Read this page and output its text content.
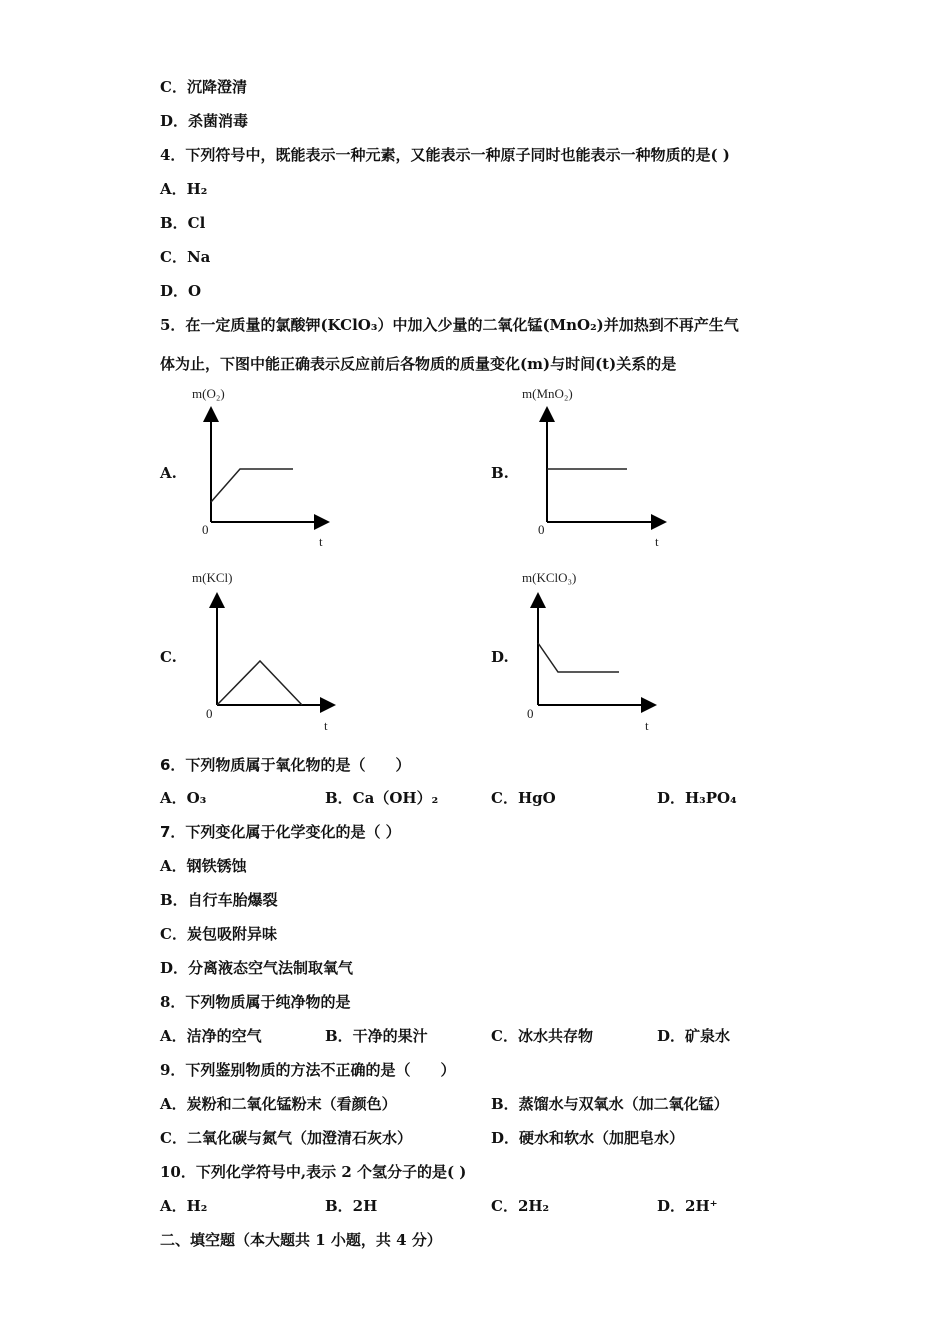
C．沉降澄清
D．杀菌消毒
4．下列符号中，既能表示一种元素，又能表示一种原子同时也能表示一种物质的是( )
A．H₂
B．Cl
C．Na
D．O
5．在一定质量的氯酸钾(KClO₃）中加入少量的二氧化锰(MnO₂)并加热到不再产生气
体为止，下图中能正确表示反应前后各物质的质量变化(m)与时间(t)关系的是
A.
m(O₂)
0
t
B.
m(MnO₂)
0
t
C.
m(KCl)
0
t
D.
m(KClO₃)
0
t
6．下列物质属于氧化物的是（　　）
A．O₃	B．Ca（OH）₂	C．HgO	D．H₃PO₄
7．下列变化属于化学变化的是（ ）
A．钢铁锈蚀
B．自行车胎爆裂
C．炭包吸附异味
D．分离液态空气法制取氧气
8．下列物质属于纯净物的是
A．洁净的空气	B．干净的果汁	C．冰水共存物	D．矿泉水
9．下列鉴别物质的方法不正确的是（　　）
A．炭粉和二氧化锰粉末（看颜色）	B．蒸馏水与双氧水（加二氧化锰）
C．二氧化碳与氮气（加澄清石灰水）	D．硬水和软水（加肥皂水）
10．下列化学符号中,表示 2 个氢分子的是( )
A．H₂	B．2H	C．2H₂	D．2H⁺
二、填空题（本大题共 1 小题，共 4 分）
